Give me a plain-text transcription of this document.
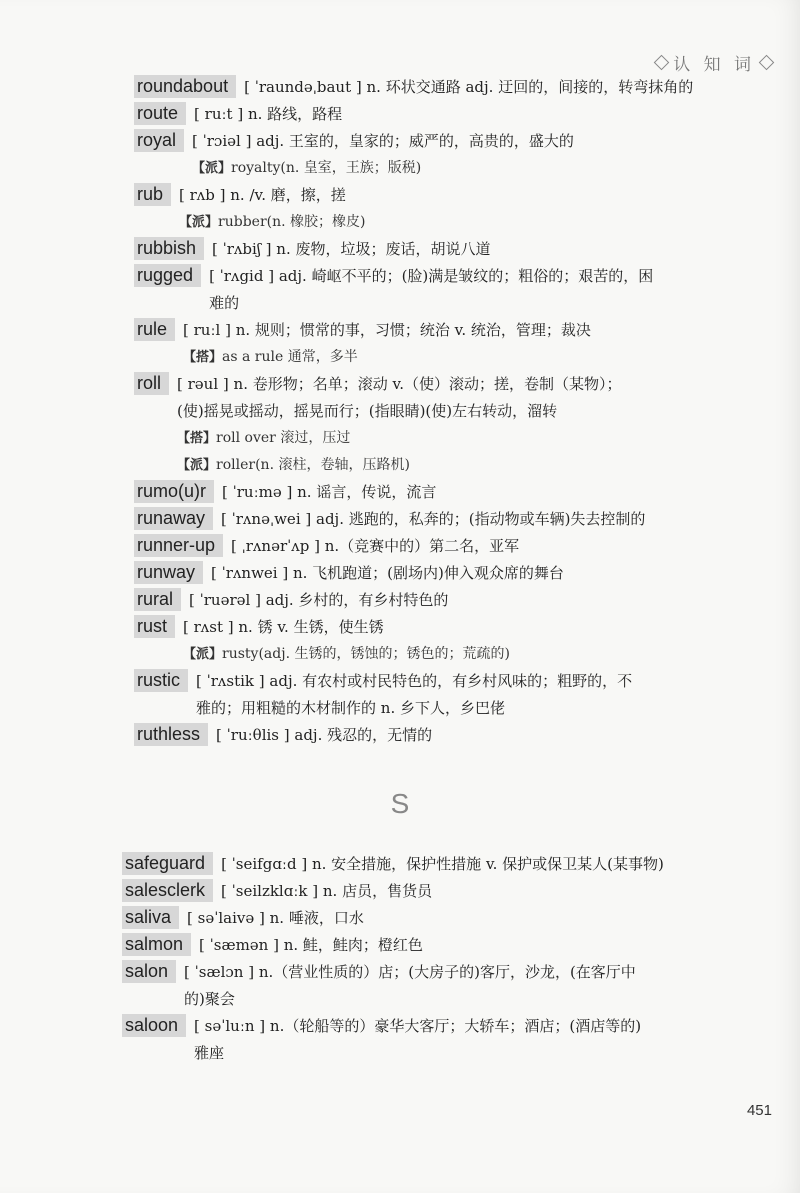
认 知 词
roundabout	[ ˈraundəˌbaut ] n. 环状交通路 adj. 迂回的，间接的，转弯抹角的
route	[ ruːt ] n. 路线，路程
royal	[ ˈrɔiəl ] adj. 王室的，皇家的；威严的，高贵的，盛大的
【派】royalty(n. 皇室，王族；版税)
rub	[ rʌb ] n. /v. 磨，擦，搓
【派】rubber(n. 橡胶；橡皮)
rubbish	[ ˈrʌbiʃ ] n. 废物，垃圾；废话，胡说八道
rugged	[ ˈrʌgid ] adj. 崎岖不平的；(脸)满是皱纹的；粗俗的；艰苦的，困
难的
rule	[ ruːl ] n. 规则；惯常的事，习惯；统治 v. 统治，管理；裁决
【搭】as a rule 通常，多半
roll	[ rəul ] n. 卷形物；名单；滚动 v.（使）滚动；搓，卷制（某物）；
(使)摇晃或摇动，摇晃而行；(指眼睛)(使)左右转动，溜转
【搭】roll over 滚过，压过
【派】roller(n. 滚柱，卷轴，压路机)
rumo(u)r	[ ˈruːmə ] n. 谣言，传说，流言
runaway	[ ˈrʌnəˌwei ] adj. 逃跑的，私奔的；(指动物或车辆)失去控制的
runner-up	[ ˌrʌnərˈʌp ] n.（竞赛中的）第二名，亚军
runway	[ ˈrʌnwei ] n. 飞机跑道；(剧场内)伸入观众席的舞台
rural	[ ˈruərəl ] adj. 乡村的，有乡村特色的
rust	[ rʌst ] n. 锈 v. 生锈，使生锈
【派】rusty(adj. 生锈的，锈蚀的；锈色的；荒疏的)
rustic	[ ˈrʌstik ] adj. 有农村或村民特色的，有乡村风味的；粗野的，不
雅的；用粗糙的木材制作的 n. 乡下人，乡巴佬
ruthless	[ ˈruːθlis ] adj. 残忍的，无情的
S
safeguard	[ ˈseifgɑːd ] n. 安全措施，保护性措施 v. 保护或保卫某人(某事物)
salesclerk	[ ˈseilzklɑːk ] n. 店员，售货员
saliva	[ səˈlaivə ] n. 唾液，口水
salmon	[ ˈsæmən ] n. 鲑，鲑肉；橙红色
salon	[ ˈsælɔn ] n.（营业性质的）店；(大房子的)客厅，沙龙，(在客厅中
的)聚会
saloon	[ səˈluːn ] n.（轮船等的）豪华大客厅；大轿车；酒店；(酒店等的)
雅座
451
